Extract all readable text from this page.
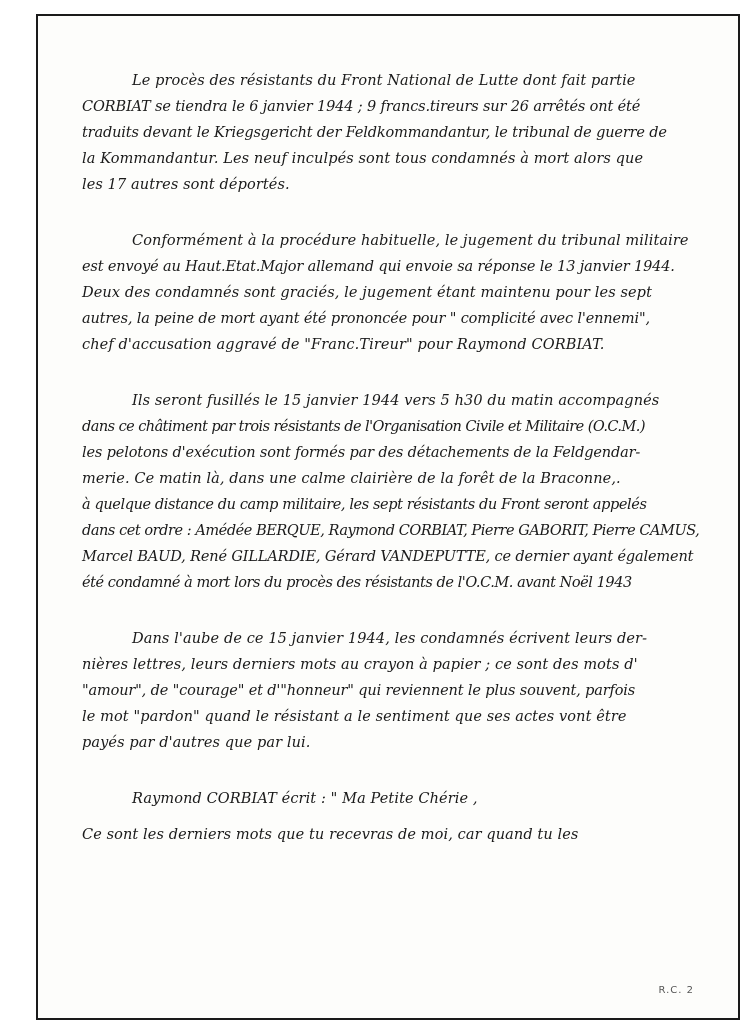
Le procès des résistants du Front National de Lutte dont fait partie
CORBIAT se tiendra le 6 janvier 1944 ; 9 francs.tireurs sur 26 arrêtés ont été
traduits devant le Kriegsgericht der Feldkommandantur, le tribunal de guerre de
la Kommandantur. Les neuf inculpés sont tous condamnés à mort alors que
les 17 autres sont déportés.

Conformément à la procédure habituelle, le jugement du tribunal militaire
est envoyé au Haut.Etat.Major allemand qui envoie sa réponse le 13 janvier 1944.
Deux des condamnés sont graciés, le jugement étant maintenu pour les sept
autres, la peine de mort ayant été prononcée pour " complicité avec l'ennemi",
chef d'accusation aggravé de "Franc.Tireur" pour Raymond CORBIAT.

Ils seront fusillés le 15 janvier 1944 vers 5 h30 du matin accompagnés
dans ce châtiment par trois résistants de l'Organisation Civile et Militaire (O.C.M.)
les pelotons d'exécution sont formés par des détachements de la Feldgendar-
merie. Ce matin là, dans une calme clairière de la forêt de la Braconne,.
à quelque distance du camp militaire, les sept résistants du Front seront appelés
dans cet ordre : Amédée BERQUE, Raymond CORBIAT, Pierre GABORIT, Pierre CAMUS,
Marcel BAUD, René GILLARDIE, Gérard VANDEPUTTE, ce dernier ayant également
été condamné à mort lors du procès des résistants de l'O.C.M. avant Noël 1943

Dans l'aube de ce 15 janvier 1944, les condamnés écrivent leurs der-
nières lettres, leurs derniers mots au crayon à papier ; ce sont des mots d'
"amour", de "courage" et d'"honneur" qui reviennent le plus souvent, parfois
le mot "pardon" quand le résistant a le sentiment que ses actes vont être
payés par d'autres que par lui.

Raymond CORBIAT écrit : " Ma Petite Chérie ,
Ce sont les derniers mots que tu recevras de moi, car quand tu les

R.C. 2
